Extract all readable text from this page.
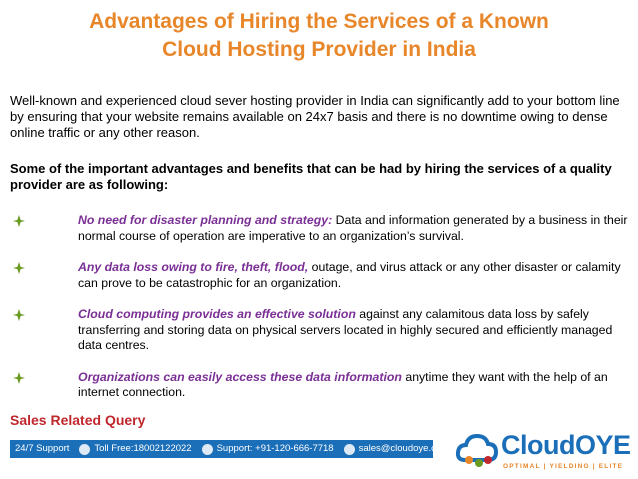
Advantages of Hiring the Services of a Known
Cloud Hosting Provider in India

Well-known and experienced cloud sever hosting provider in India can significantly add to your bottom line by ensuring that your website remains available on 24x7 basis and there is no downtime owing to dense online traffic or any other reason.

Some of the important advantages and benefits that can be had by hiring the services of a quality provider are as following:

No need for disaster planning and strategy: Data and information generated by a business in their normal course of operation are imperative to an organization’s survival.
Any data loss owing to fire, theft, flood, outage, and virus attack or any other disaster or calamity can prove to be catastrophic for an organization.
Cloud computing provides an effective solution against any calamitous data loss by safely transferring and storing data on physical servers located in highly secured and efficiently managed data centres.
Organizations can easily access these data information anytime they want with the help of an internet connection.
Sales Related Query
24/7 Support	Toll Free:18002122022	Support: +91-120-666-7718	sales@cloudoye.com CloudOYE
OPTIMAL | YIELDING | ELITE
